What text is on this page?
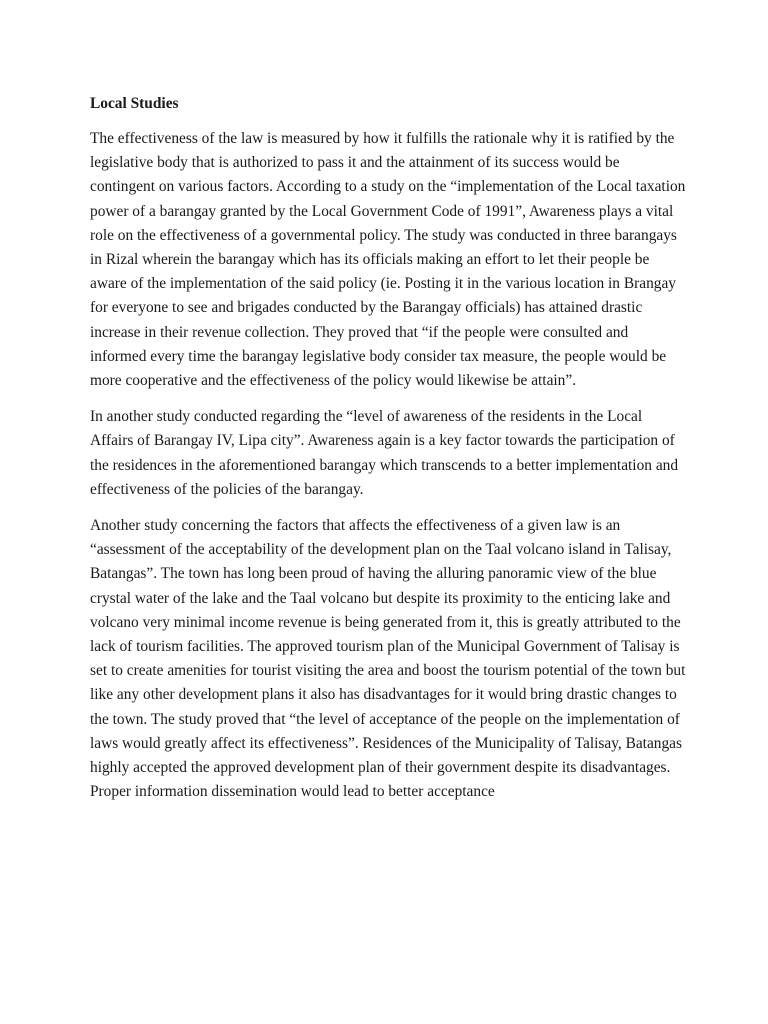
Local Studies

The effectiveness of the law is measured by how it fulfills the rationale why it is ratified by the legislative body that is authorized to pass it and the attainment of its success would be contingent on various factors. According to a study on the “implementation of the Local taxation power of a barangay granted by the Local Government Code of 1991”, Awareness plays a vital role on the effectiveness of a governmental policy. The study was conducted in three barangays in Rizal wherein the barangay which has its officials making an effort to let their people be aware of the implementation of the said policy (ie. Posting it in the various location in Brangay for everyone to see and brigades conducted by the Barangay officials) has attained drastic increase in their revenue collection. They proved that “if the people were consulted and informed every time the barangay legislative body consider tax measure, the people would be more cooperative and the effectiveness of the policy would likewise be attain”.

In another study conducted regarding the “level of awareness of the residents in the Local Affairs of Barangay IV, Lipa city”. Awareness again is a key factor towards the participation of the residences in the aforementioned barangay which transcends to a better implementation and effectiveness of the policies of the barangay.

Another study concerning the factors that affects the effectiveness of a given law is an “assessment of the acceptability of the development plan on the Taal volcano island in Talisay, Batangas”. The town has long been proud of having the alluring panoramic view of the blue crystal water of the lake and the Taal volcano but despite its proximity to the enticing lake and volcano very minimal income revenue is being generated from it, this is greatly attributed to the lack of tourism facilities. The approved tourism plan of the Municipal Government of Talisay is set to create amenities for tourist visiting the area and boost the tourism potential of the town but like any other development plans it also has disadvantages for it would bring drastic changes to the town. The study proved that “the level of acceptance of the people on the implementation of laws would greatly affect its effectiveness”. Residences of the Municipality of Talisay, Batangas highly accepted the approved development plan of their government despite its disadvantages. Proper information dissemination would lead to better acceptance
